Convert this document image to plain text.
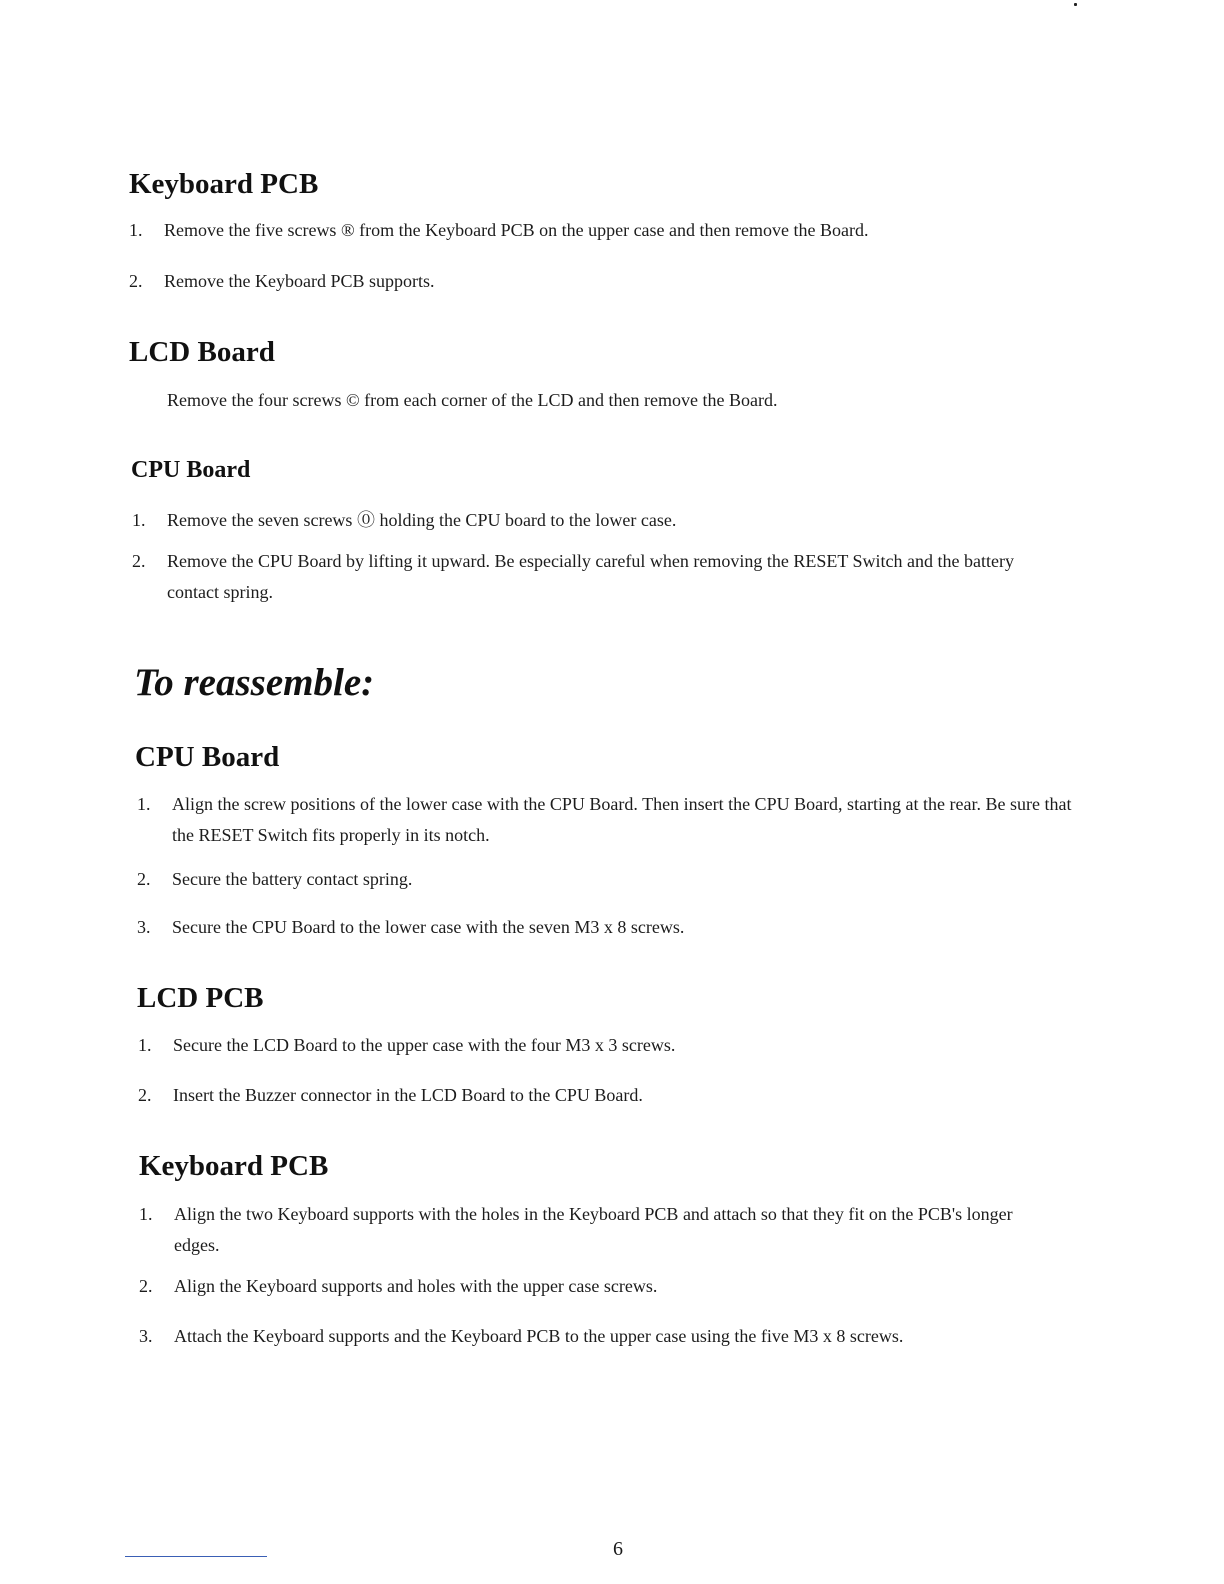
Keyboard PCB
1.	Remove the five screws ® from the Keyboard PCB on the upper case and then remove the Board.
2.	Remove the Keyboard PCB supports.
LCD Board
Remove the four screws © from each corner of the LCD and then remove the Board.
CPU Board
1.	Remove the seven screws ⓪ holding the CPU board to the lower case.
2.	Remove the CPU Board by lifting it upward. Be especially careful when removing the RESET Switch and the battery contact spring.
To reassemble:
CPU Board
1.	Align the screw positions of the lower case with the CPU Board. Then insert the CPU Board, starting at the rear. Be sure that the RESET Switch fits properly in its notch.
2.	Secure the battery contact spring.
3.	Secure the CPU Board to the lower case with the seven M3 x 8 screws.
LCD PCB
1.	Secure the LCD Board to the upper case with the four M3 x 3 screws.
2.	Insert the Buzzer connector in the LCD Board to the CPU Board.
Keyboard PCB
1.	Align the two Keyboard supports with the holes in the Keyboard PCB and attach so that they fit on the PCB's longer edges.
2.	Align the Keyboard supports and holes with the upper case screws.
3.	Attach the Keyboard supports and the Keyboard PCB to the upper case using the five M3 x 8 screws.
6
